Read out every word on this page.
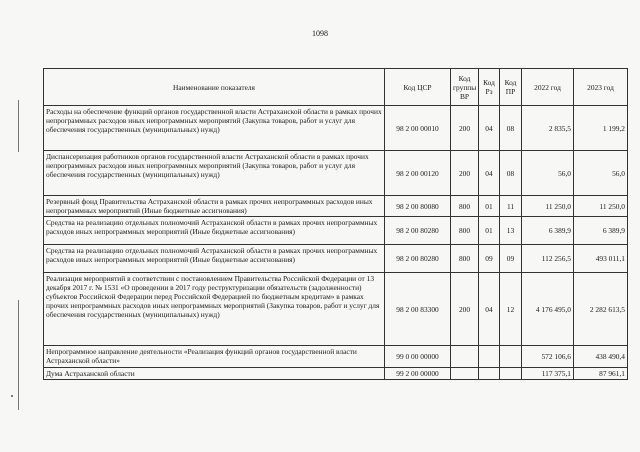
1098
Наименование показателя	Код ЦСР	Код группы ВР	Код Рз	Код ПР	2022 год	2023 год
Расходы на обеспечение функций органов государственной власти Астраханской области в рамках прочих непрограммных расходов иных непрограммных мероприятий (Закупка товаров, работ и услуг для обеспечения государственных (муниципальных) нужд)	98 2 00 00010	200	04	08	2 835,5	1 199,2
Диспансеризация работников органов государственной власти Астраханской области в рамках прочих непрограммных расходов иных непрограммных мероприятий (Закупка товаров, работ и услуг для обеспечения государственных (муниципальных) нужд)	98 2 00 00120	200	04	08	56,0	56,0
Резервный фонд Правительства Астраханской области в рамках прочих непрограммных расходов иных непрограммных мероприятий (Иные бюджетные ассигнования)	98 2 00 80080	800	01	11	11 250,0	11 250,0
Средства на реализацию отдельных полномочий Астраханской области в рамках прочих непрограммных расходов иных непрограммных мероприятий (Иные бюджетные ассигнования)	98 2 00 80280	800	01	13	6 389,9	6 389,9
Средства на реализацию отдельных полномочий Астраханской области в рамках прочих непрограммных расходов иных непрограммных мероприятий (Иные бюджетные ассигнования)	98 2 00 80280	800	09	09	112 256,5	493 011,1
Реализация мероприятий в соответствии с постановлением Правительства Российской Федерации от 13 декабря 2017 г. № 1531 «О проведении в 2017 году реструктуризации обязательств (задолженности) субъектов Российской Федерации перед Российской Федерацией по бюджетным кредитам» в рамках прочих непрограммных расходов иных непрограммных мероприятий (Закупка товаров, работ и услуг для обеспечения государственных (муниципальных) нужд)	98 2 00 83300	200	04	12	4 176 495,0	2 282 613,5
Непрограммное направление деятельности «Реализация функций органов государственной власти Астраханской области»	99 0 00 00000				572 106,6	438 490,4
Дума Астраханской области	99 2 00 00000				117 375,1	87 961,1
